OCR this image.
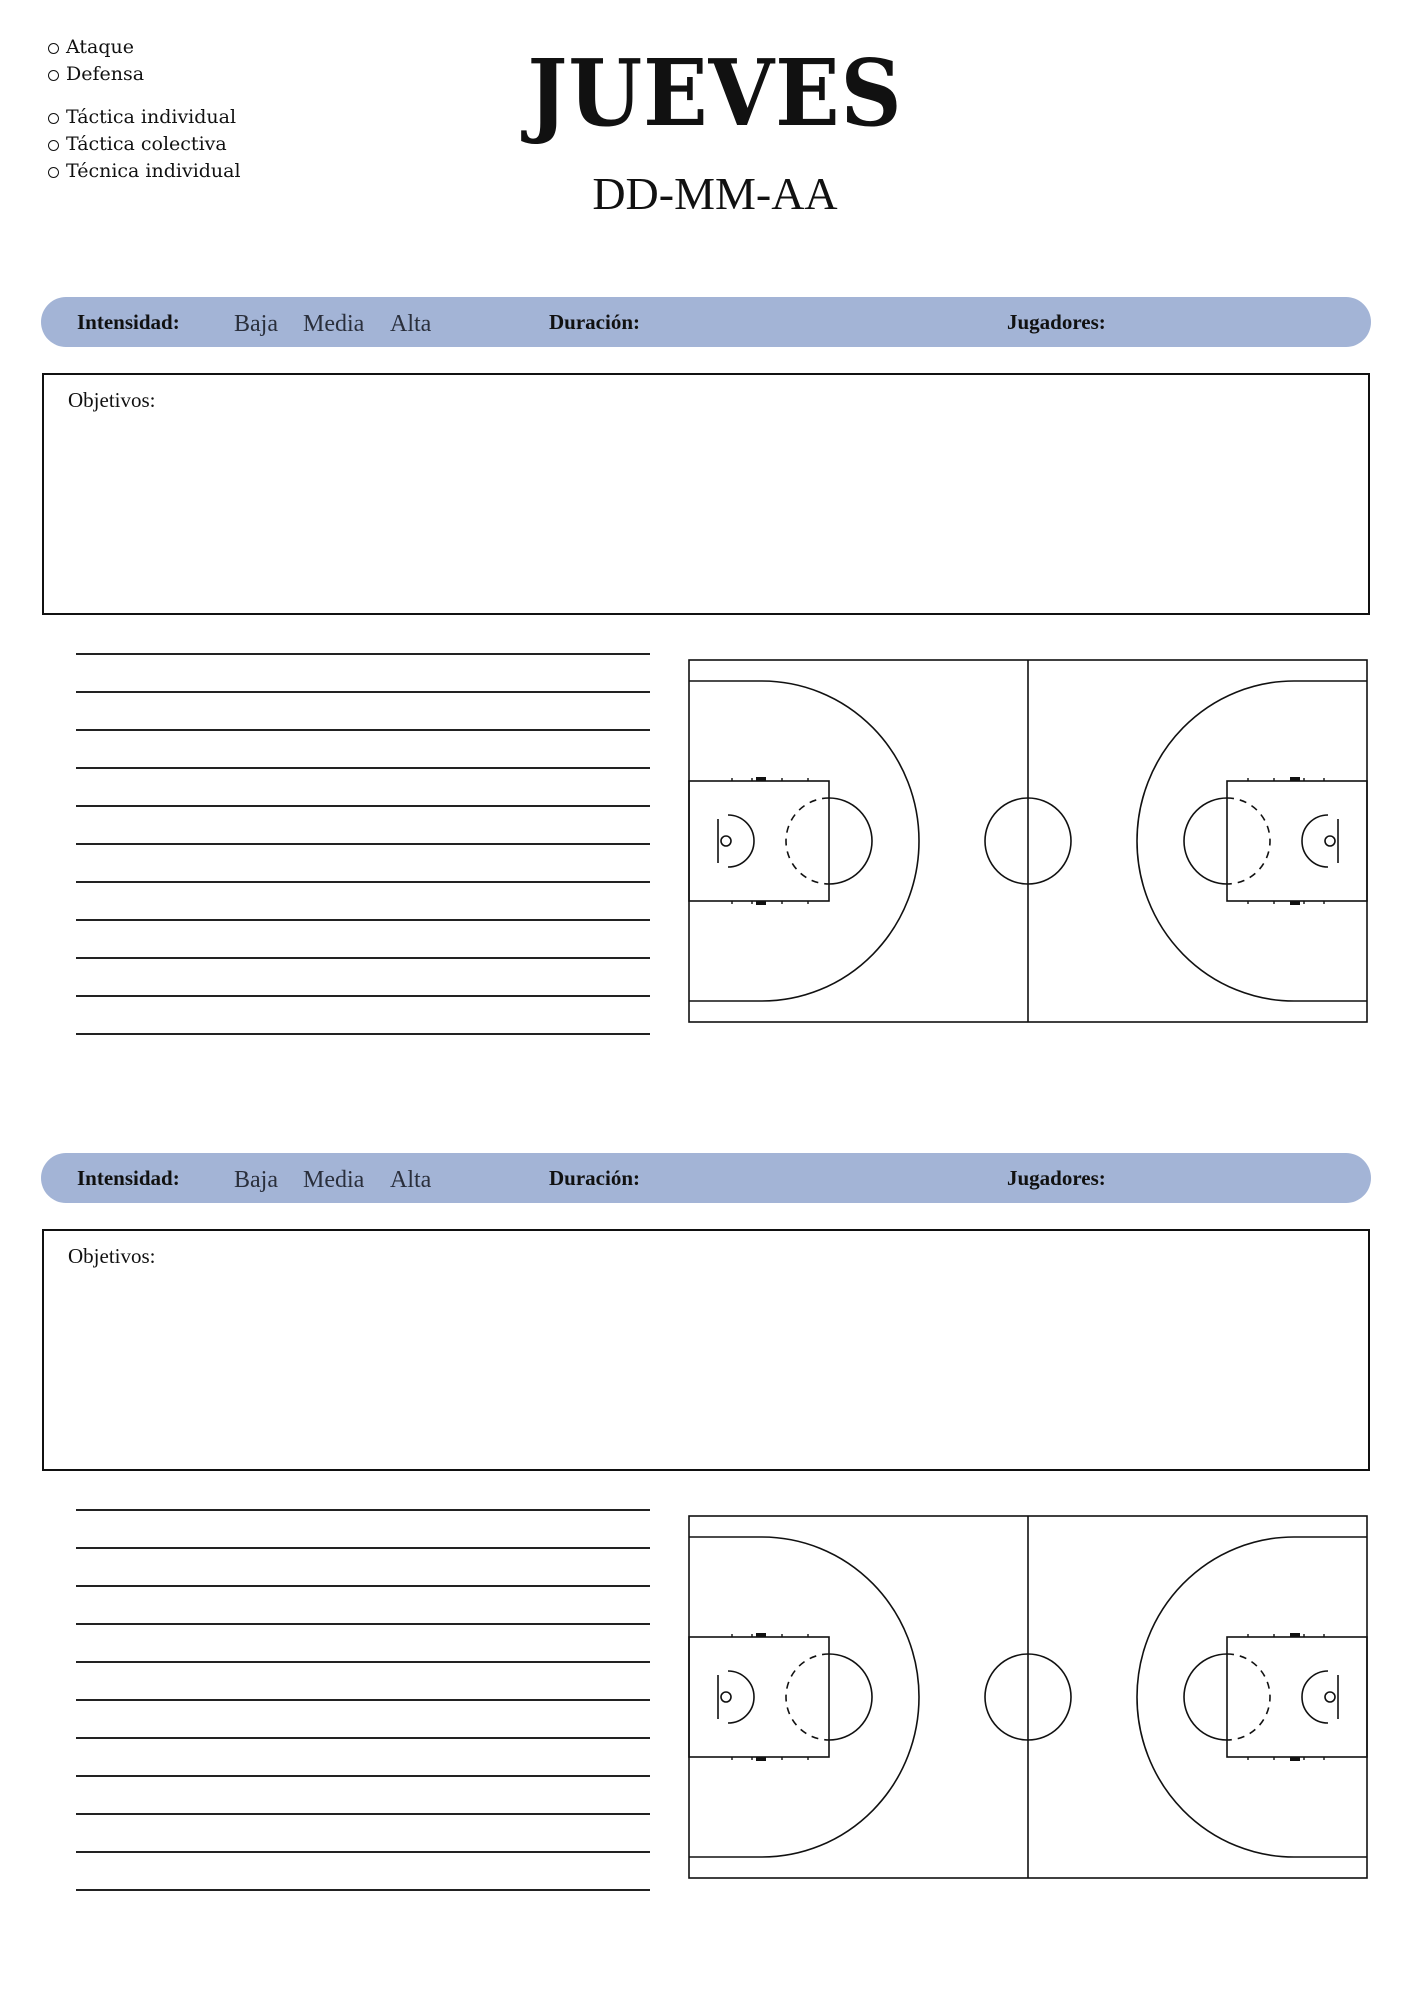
Ataque
Defensa
Táctica individual
Táctica colectiva
Técnica individual
JUEVES
DD-MM-AA
Intensidad: Baja Media Alta	Duración:	Jugadores:
Objetivos:
Intensidad: Baja Media Alta	Duración:	Jugadores:
Objetivos:
